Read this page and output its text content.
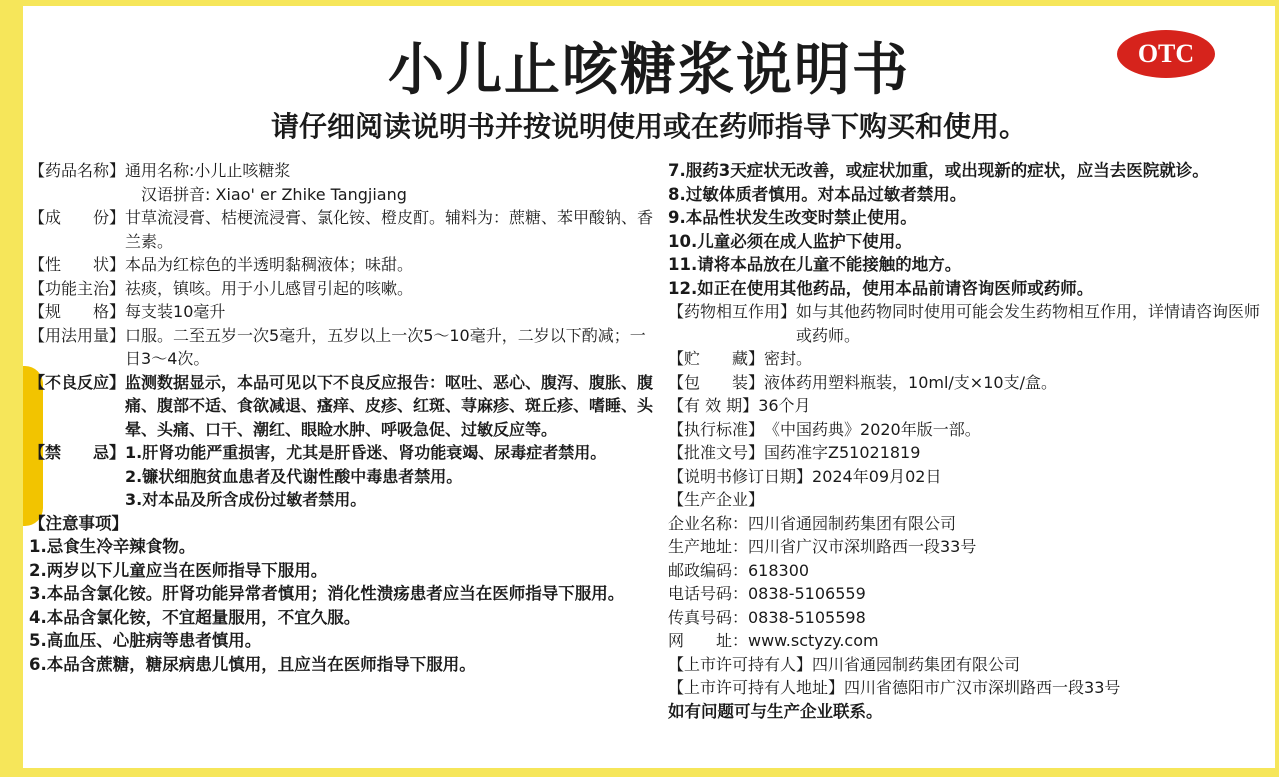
小儿止咳糖浆说明书	OTC
请仔细阅读说明书并按说明使用或在药师指导下购买和使用。
【药品名称】 通用名称:小儿止咳糖浆
汉语拼音: Xiao' er Zhike Tangjiang
【成　　份】 甘草流浸膏、桔梗流浸膏、氯化铵、橙皮酊。辅料为：蔗糖、苯甲酸钠、香兰素。
【性　　状】 本品为红棕色的半透明黏稠液体；味甜。
【功能主治】 祛痰，镇咳。用于小儿感冒引起的咳嗽。
【规　　格】 每支装10毫升
【用法用量】 口服。二至五岁一次5毫升，五岁以上一次5～10毫升，二岁以下酌减；一日3～4次。
【不良反应】 监测数据显示，本品可见以下不良反应报告：呕吐、恶心、腹泻、腹胀、腹痛、腹部不适、食欲减退、瘙痒、皮疹、红斑、荨麻疹、斑丘疹、嗜睡、头晕、头痛、口干、潮红、眼睑水肿、呼吸急促、过敏反应等。
【禁　　忌】 1.肝肾功能严重损害，尤其是肝昏迷、肾功能衰竭、尿毒症者禁用。
2.镰状细胞贫血患者及代谢性酸中毒患者禁用。
3.对本品及所含成份过敏者禁用。
【注意事项】
1.忌食生冷辛辣食物。
2.两岁以下儿童应当在医师指导下服用。
3.本品含氯化铵。肝肾功能异常者慎用；消化性溃疡患者应当在医师指导下服用。
4.本品含氯化铵，不宜超量服用，不宜久服。
5.高血压、心脏病等患者慎用。
6.本品含蔗糖，糖尿病患儿慎用，且应当在医师指导下服用。
7.服药3天症状无改善，或症状加重，或出现新的症状，应当去医院就诊。
8.过敏体质者慎用。对本品过敏者禁用。
9.本品性状发生改变时禁止使用。
10.儿童必须在成人监护下使用。
11.请将本品放在儿童不能接触的地方。
12.如正在使用其他药品，使用本品前请咨询医师或药师。
【药物相互作用】 如与其他药物同时使用可能会发生药物相互作用，详情请咨询医师或药师。
【贮　　藏】 密封。
【包　　装】 液体药用塑料瓶装，10ml/支×10支/盒。
【有 效 期】 36个月
【执行标准】 《中国药典》2020年版一部。
【批准文号】 国药准字Z51021819
【说明书修订日期】 2024年09月02日
【生产企业】
企业名称：四川省通园制药集团有限公司
生产地址：四川省广汉市深圳路西一段33号
邮政编码：618300
电话号码：0838-5106559
传真号码：0838-5105598
网　　址：www.sctyzy.com
【上市许可持有人】 四川省通园制药集团有限公司
【上市许可持有人地址】 四川省德阳市广汉市深圳路西一段33号
如有问题可与生产企业联系。
